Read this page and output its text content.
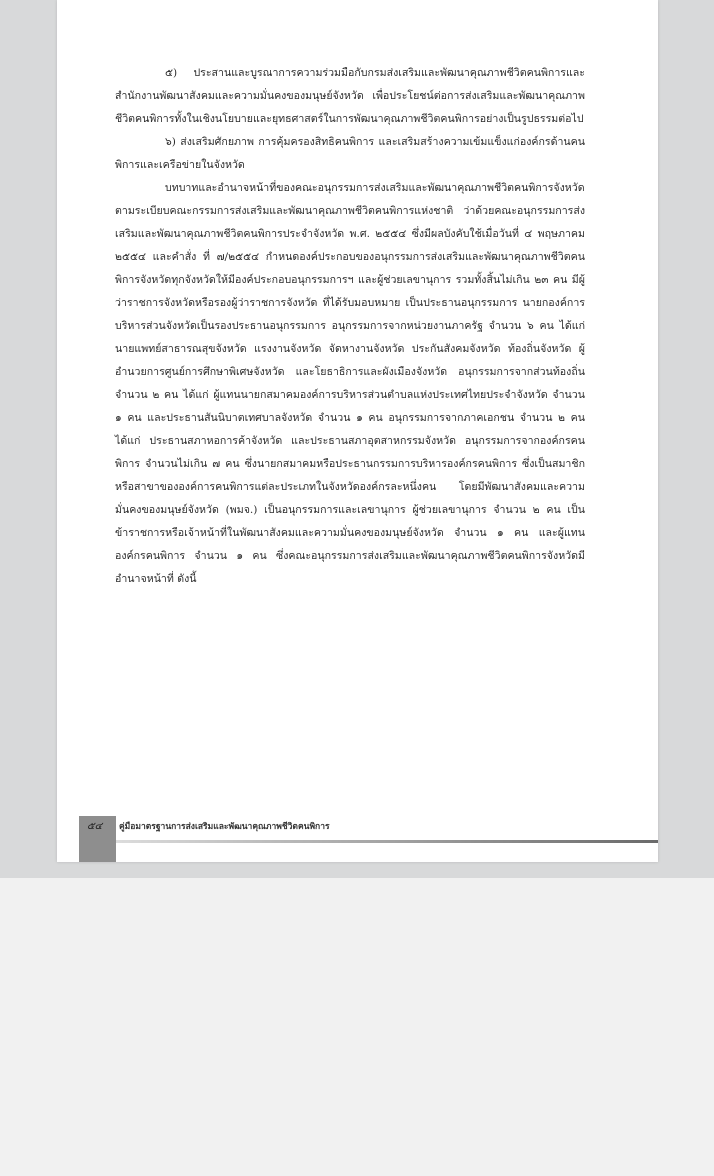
๕) ประสานและบูรณาการความร่วมมือกับกรมส่งเสริมและพัฒนาคุณภาพชีวิตคนพิการและสำนักงานพัฒนาสังคมและความมั่นคงของมนุษย์จังหวัด เพื่อประโยชน์ต่อการส่งเสริมและพัฒนาคุณภาพชีวิตคนพิการทั้งในเชิงนโยบายและยุทธศาสตร์ในการพัฒนาคุณภาพชีวิตคนพิการอย่างเป็นรูปธรรมต่อไป

๖) ส่งเสริมศักยภาพ การคุ้มครองสิทธิคนพิการ และเสริมสร้างความเข้มแข็งแก่องค์กรด้านคนพิการและเครือข่ายในจังหวัด

บทบาทและอำนาจหน้าที่ของคณะอนุกรรมการส่งเสริมและพัฒนาคุณภาพชีวิตคนพิการจังหวัด ตามระเบียบคณะกรรมการส่งเสริมและพัฒนาคุณภาพชีวิตคนพิการแห่งชาติ ว่าด้วยคณะอนุกรรมการส่งเสริมและพัฒนาคุณภาพชีวิตคนพิการประจำจังหวัด พ.ศ. ๒๕๕๔ ซึ่งมีผลบังคับใช้เมื่อวันที่ ๔ พฤษภาคม ๒๕๕๔ และคำสั่ง ที่ ๗/๒๕๕๔ กำหนดองค์ประกอบของอนุกรรมการส่งเสริมและพัฒนาคุณภาพชีวิตคนพิการจังหวัดทุกจังหวัดให้มีองค์ประกอบอนุกรรมการฯ และผู้ช่วยเลขานุการ รวมทั้งสิ้นไม่เกิน ๒๓ คน มีผู้ว่าราชการจังหวัดหรือรองผู้ว่าราชการจังหวัด ที่ได้รับมอบหมาย เป็นประธานอนุกรรมการ นายกองค์การบริหารส่วนจังหวัดเป็นรองประธานอนุกรรมการ อนุกรรมการจากหน่วยงานภาครัฐ จำนวน ๖ คน ได้แก่ นายแพทย์สาธารณสุขจังหวัด แรงงานจังหวัด จัดหางานจังหวัด ประกันสังคมจังหวัด ท้องถิ่นจังหวัด ผู้อำนวยการศูนย์การศึกษาพิเศษจังหวัด และโยธาธิการและผังเมืองจังหวัด อนุกรรมการจากส่วนท้องถิ่น จำนวน ๒ คน ได้แก่ ผู้แทนนายกสมาคมองค์การบริหารส่วนตำบลแห่งประเทศไทยประจำจังหวัด จำนวน ๑ คน และประธานสันนิบาตเทศบาลจังหวัด จำนวน ๑ คน อนุกรรมการจากภาคเอกชน จำนวน ๒ คน ได้แก่ ประธานสภาหอการค้าจังหวัด และประธานสภาอุตสาหกรรมจังหวัด อนุกรรมการจากองค์กรคนพิการ จำนวนไม่เกิน ๗ คน ซึ่งนายกสมาคมหรือประธานกรรมการบริหารองค์กรคนพิการ ซึ่งเป็นสมาชิกหรือสาขาขององค์การคนพิการแต่ละประเภทในจังหวัดองค์กรละหนึ่งคน โดยมีพัฒนาสังคมและความมั่นคงของมนุษย์จังหวัด (พมจ.) เป็นอนุกรรมการและเลขานุการ ผู้ช่วยเลขานุการ จำนวน ๒ คน เป็นข้าราชการหรือเจ้าหน้าที่ในพัฒนาสังคมและความมั่นคงของมนุษย์จังหวัด จำนวน ๑ คน และผู้แทนองค์กรคนพิการ จำนวน ๑ คน ซึ่งคณะอนุกรรมการส่งเสริมและพัฒนาคุณภาพชีวิตคนพิการจังหวัดมีอำนาจหน้าที่ ดังนี้

๕๔ คู่มือมาตรฐานการส่งเสริมและพัฒนาคุณภาพชีวิตคนพิการ
